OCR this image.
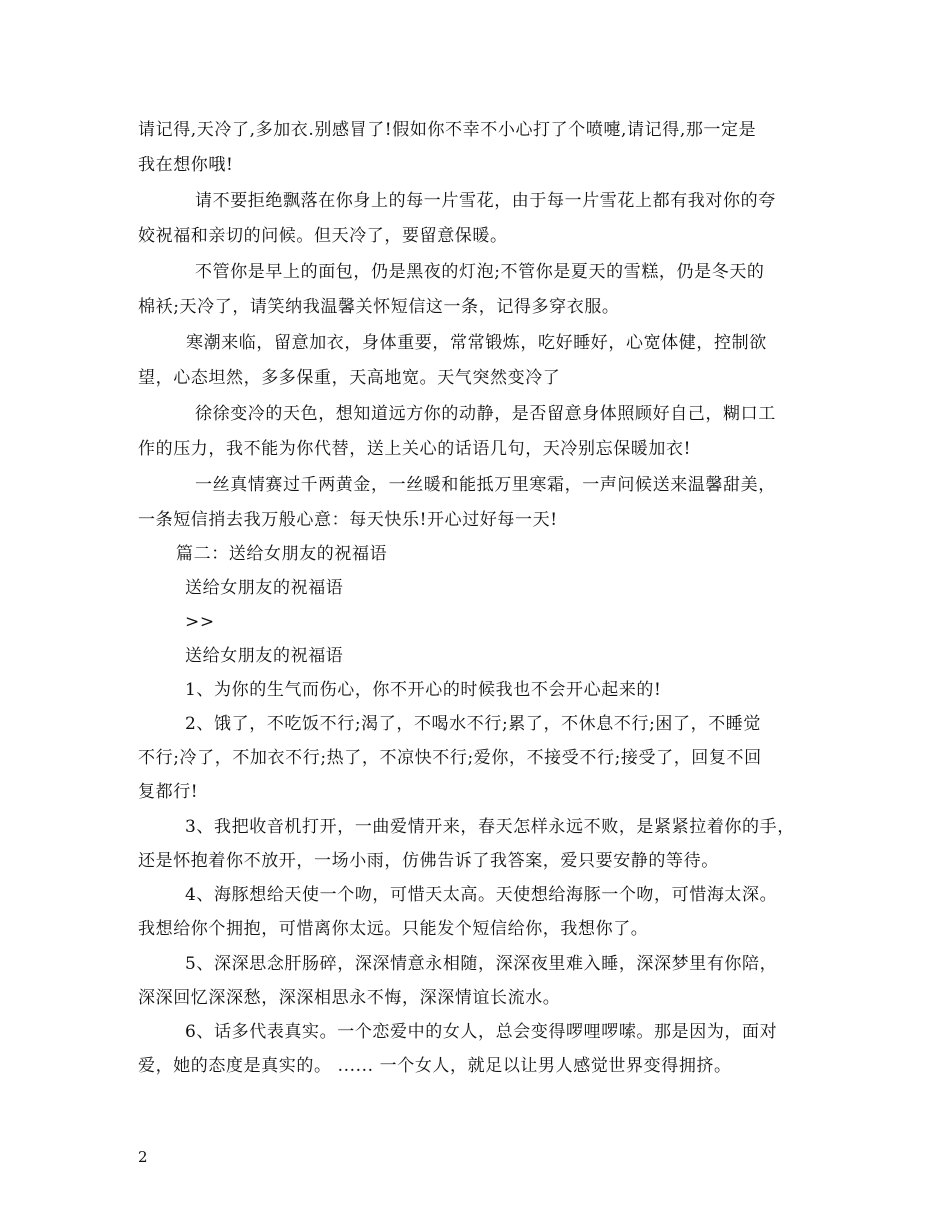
请记得,天冷了,多加衣.别感冒了!假如你不幸不小心打了个喷嚏,请记得,那一定是
我在想你哦!
请不要拒绝飘落在你身上的每一片雪花，由于每一片雪花上都有我对你的夸
姣祝福和亲切的问候。但天冷了，要留意保暖。
不管你是早上的面包，仍是黑夜的灯泡;不管你是夏天的雪糕，仍是冬天的
棉袄;天冷了，请笑纳我温馨关怀短信这一条，记得多穿衣服。
寒潮来临，留意加衣，身体重要，常常锻炼，吃好睡好，心宽体健，控制欲
望，心态坦然，多多保重，天高地宽。天气突然变冷了
徐徐变冷的天色，想知道远方你的动静，是否留意身体照顾好自己，糊口工
作的压力，我不能为你代替，送上关心的话语几句，天冷别忘保暖加衣!
一丝真情赛过千两黄金，一丝暖和能抵万里寒霜，一声问候送来温馨甜美，
一条短信捎去我万般心意：每天快乐!开心过好每一天!
篇二：送给女朋友的祝福语
送给女朋友的祝福语
>>
送给女朋友的祝福语
1、为你的生气而伤心，你不开心的时候我也不会开心起来的!
2、饿了，不吃饭不行;渴了，不喝水不行;累了，不休息不行;困了，不睡觉
不行;冷了，不加衣不行;热了，不凉快不行;爱你，不接受不行;接受了，回复不回
复都行!
3、我把收音机打开，一曲爱情开来，春天怎样永远不败，是紧紧拉着你的手，
还是怀抱着你不放开，一场小雨，仿佛告诉了我答案，爱只要安静的等待。
4、海豚想给天使一个吻，可惜天太高。天使想给海豚一个吻，可惜海太深。
我想给你个拥抱，可惜离你太远。只能发个短信给你，我想你了。
5、深深思念肝肠碎，深深情意永相随，深深夜里难入睡，深深梦里有你陪，
深深回忆深深愁，深深相思永不悔，深深情谊长流水。
6、话多代表真实。一个恋爱中的女人，总会变得啰哩啰嗦。那是因为，面对
爱，她的态度是真实的。 ...... 一个女人，就足以让男人感觉世界变得拥挤。
2
